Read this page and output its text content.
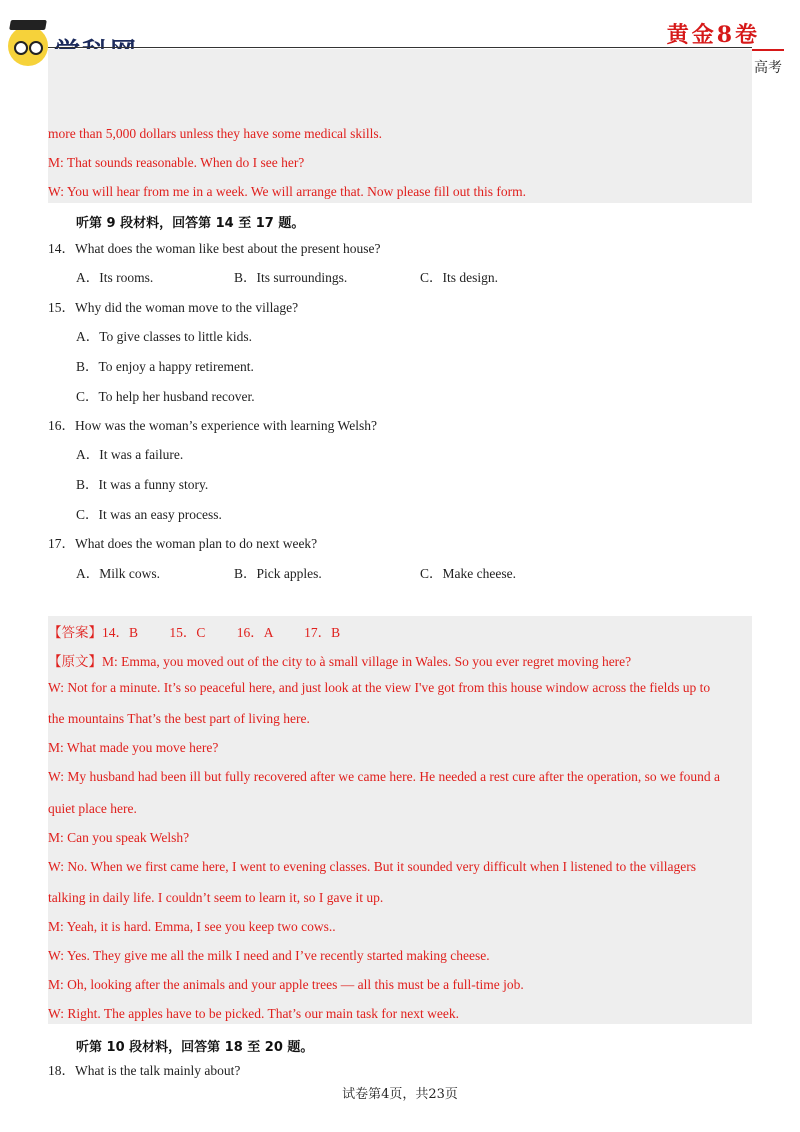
黄金8卷
高考
more than 5,000 dollars unless they have some medical skills.
M: That sounds reasonable. When do I see her?
W: You will hear from me in a week. We will arrange that. Now please fill out this form.
听第 9 段材料，回答第 14 至 17 题。
14．What does the woman like best about the present house?
A．Its rooms.	B．Its surroundings.	C．Its design.
15．Why did the woman move to the village?
A．To give classes to little kids.
B．To enjoy a happy retirement.
C．To help her husband recover.
16．How was the woman’s experience with learning Welsh?
A．It was a failure.
B．It was a funny story.
C．It was an easy process.
17．What does the woman plan to do next week?
A．Milk cows.	B．Pick apples.	C．Make cheese.
【答案】14．B 15．C 16．A 17．B
【原文】M: Emma, you moved out of the city to à small village in Wales. So you ever regret moving here?
W: Not for a minute. It’s so peaceful here, and just look at the view I've got from this house window across the fields up to
the mountains That’s the best part of living here.
M: What made you move here?
W: My husband had been ill but fully recovered after we came here. He needed a rest cure after the operation, so we found a
quiet place here.
M: Can you speak Welsh?
W: No. When we first came here, I went to evening classes. But it sounded very difficult when I listened to the villagers
talking in daily life. I couldn’t seem to learn it, so I gave it up.
M: Yeah, it is hard. Emma, I see you keep two cows..
W: Yes. They give me all the milk I need and I’ve recently started making cheese.
M: Oh, looking after the animals and your apple trees — all this must be a full-time job.
W: Right. The apples have to be picked. That’s our main task for next week.
听第 10 段材料，回答第 18 至 20 题。
18．What is the talk mainly about?
试卷第4页，共23页
